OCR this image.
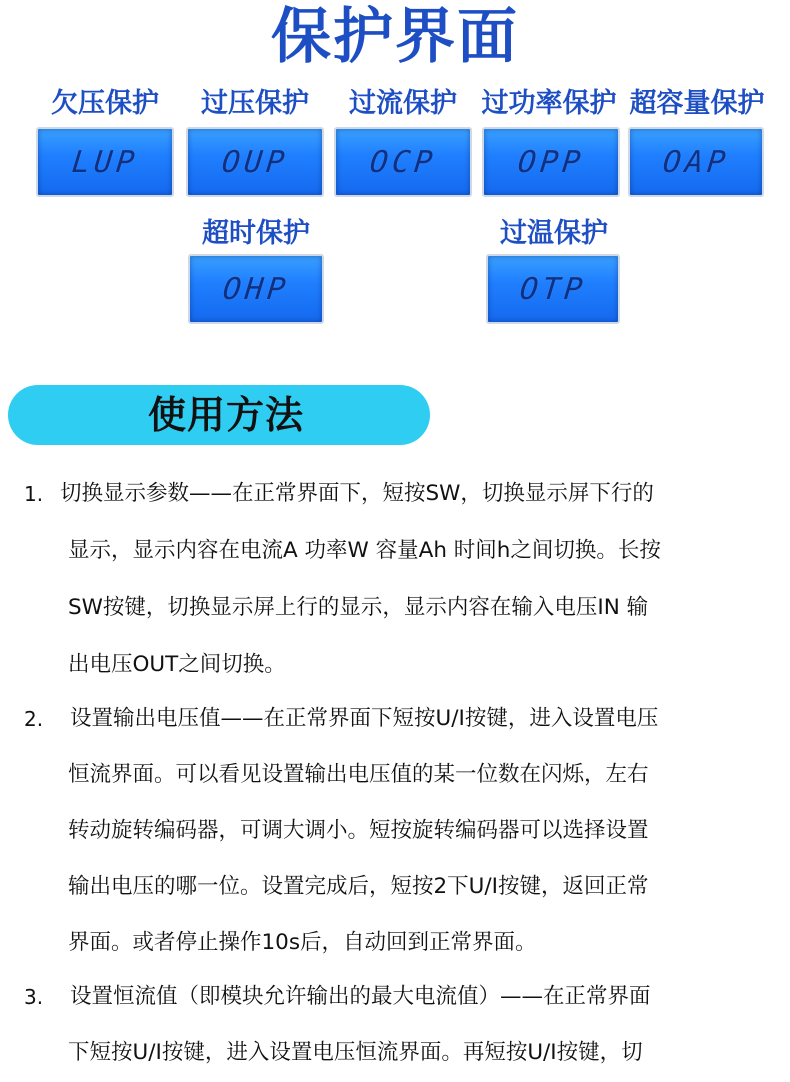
保护界面
欠压保护
LUP
过压保护
OUP
过流保护
OCP
过功率保护
OPP
超容量保护
OAP
超时保护
OHP
过温保护
OTP
使用方法
1. 切换显示参数——在正常界面下，短按SW，切换显示屏下行的
显示，显示内容在电流A 功率W 容量Ah 时间h之间切换。长按
SW按键，切换显示屏上行的显示，显示内容在输入电压IN 输
出电压OUT之间切换。
2. 设置输出电压值——在正常界面下短按U/I按键，进入设置电压
恒流界面。可以看见设置输出电压值的某一位数在闪烁，左右
转动旋转编码器，可调大调小。短按旋转编码器可以选择设置
输出电压的哪一位。设置完成后，短按2下U/I按键，返回正常
界面。或者停止操作10s后，自动回到正常界面。
3. 设置恒流值（即模块允许输出的最大电流值）——在正常界面
下短按U/I按键，进入设置电压恒流界面。再短按U/I按键，切
